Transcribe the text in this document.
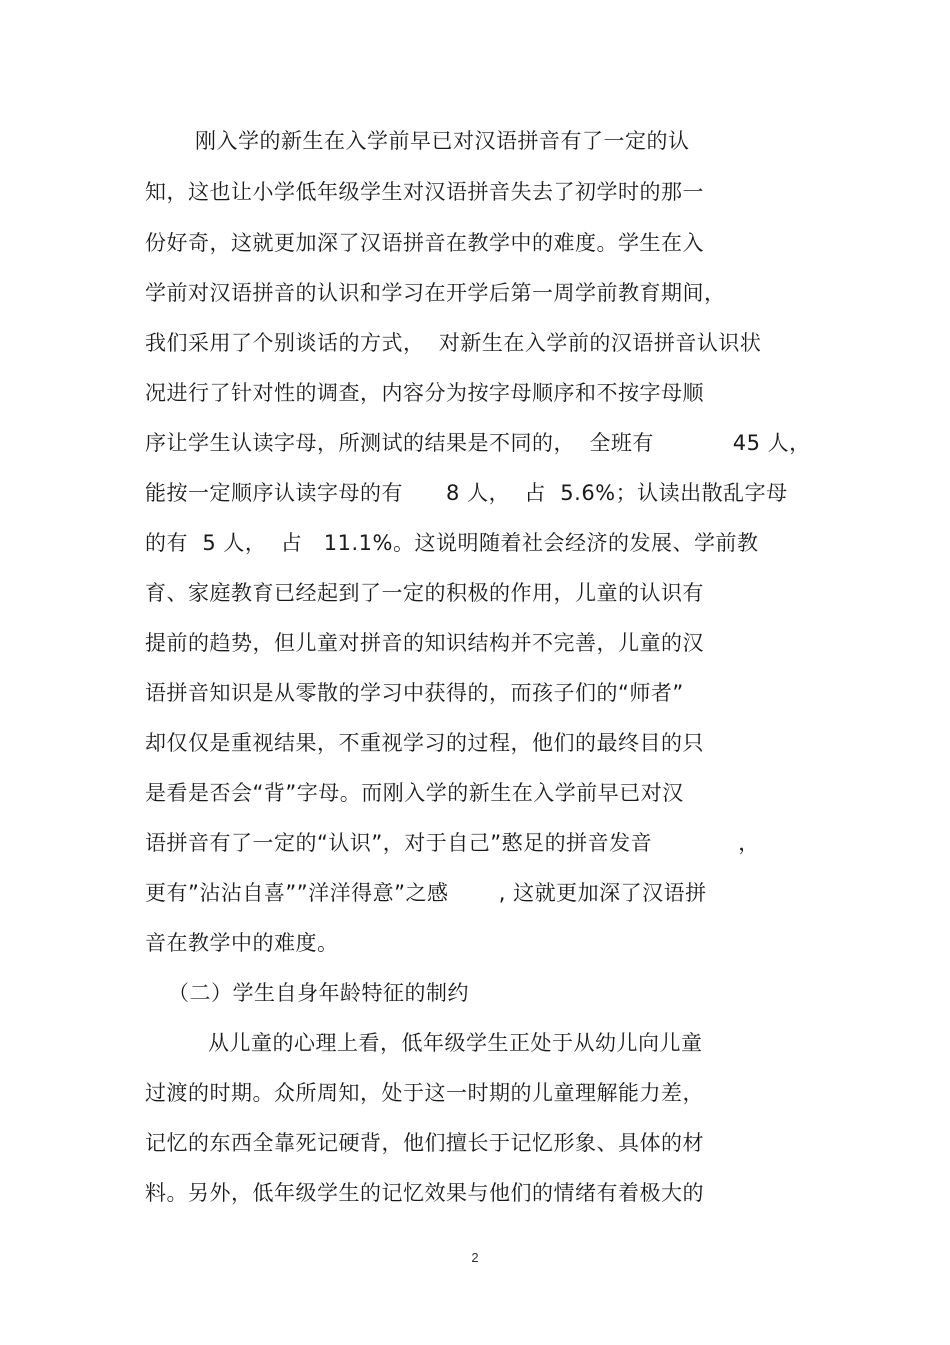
刚入学的新生在入学前早已对汉语拼音有了一定的认
知，这也让小学低年级学生对汉语拼音失去了初学时的那一
份好奇，这就更加深了汉语拼音在教学中的难度。学生在入
学前对汉语拼音的认识和学习在开学后第一周学前教育期间，
我们采用了个别谈话的方式，  对新生在入学前的汉语拼音认识状
况进行了针对性的调查，内容分为按字母顺序和不按字母顺
序让学生认读字母，所测试的结果是不同的，  全班有           45 人，
能按一定顺序认读字母的有      8 人，  占  5.6%；认读出散乱字母
的有  5 人，  占   11.1%。这说明随着社会经济的发展、学前教
育、家庭教育已经起到了一定的积极的作用，儿童的认识有
提前的趋势，但儿童对拼音的知识结构并不完善，儿童的汉
语拼音知识是从零散的学习中获得的，而孩子们的“师者”
却仅仅是重视结果，不重视学习的过程，他们的最终目的只
是看是否会“背”字母。而刚入学的新生在入学前早已对汉
语拼音有了一定的“认识”，对于自己”憨足的拼音发音            ，
更有”沾沾自喜””洋洋得意”之感       , 这就更加深了汉语拼
音在教学中的难度。
（二）学生自身年龄特征的制约
从儿童的心理上看，低年级学生正处于从幼儿向儿童
过渡的时期。众所周知，处于这一时期的儿童理解能力差，
记忆的东西全靠死记硬背，他们擅长于记忆形象、具体的材
料。另外，低年级学生的记忆效果与他们的情绪有着极大的
2
